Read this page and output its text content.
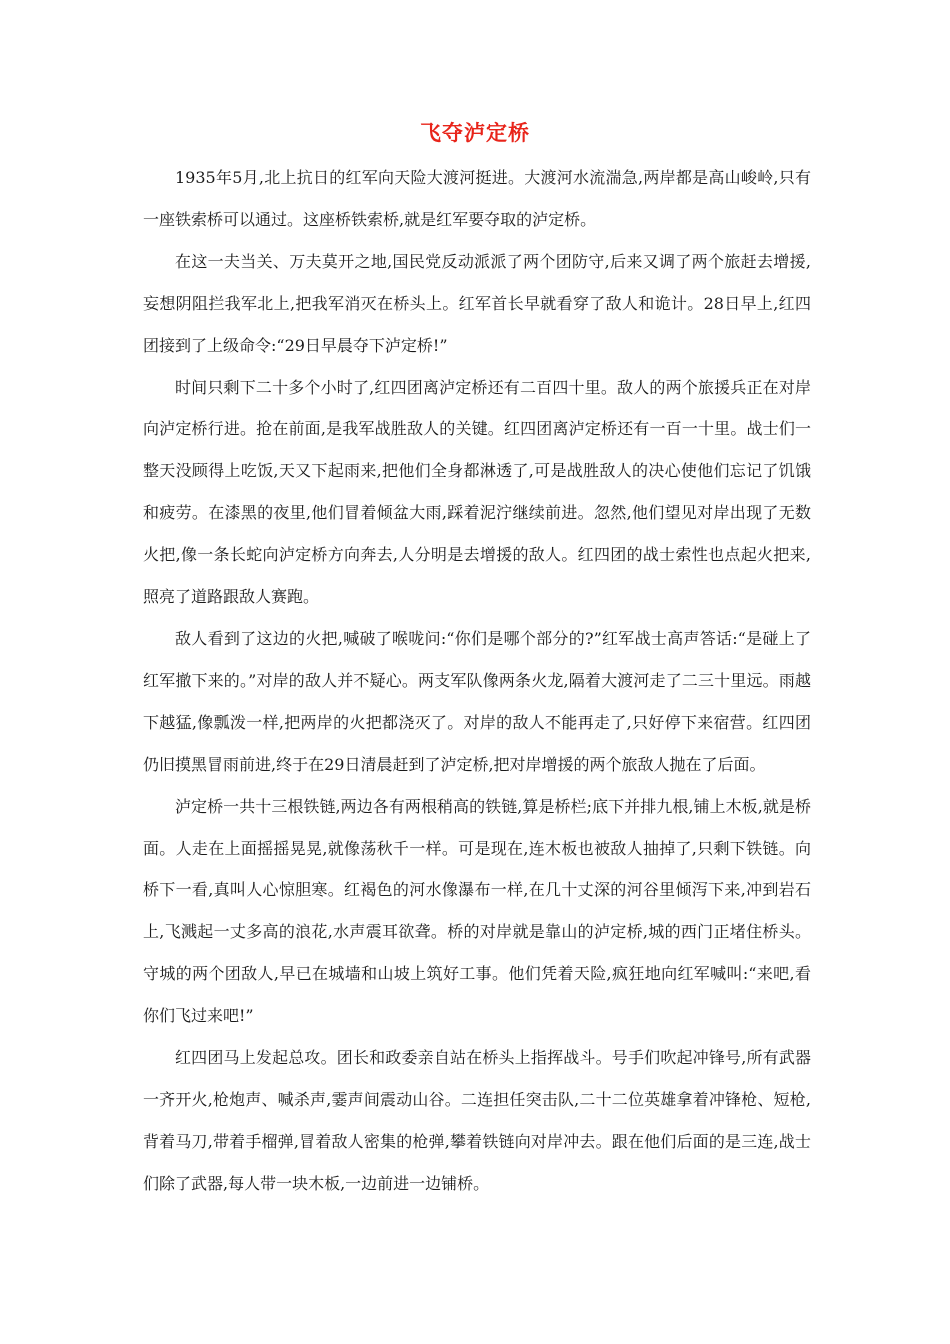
飞夺泸定桥

1935年5月,北上抗日的红军向天险大渡河挺进。大渡河水流湍急,两岸都是高山峻岭,只有一座铁索桥可以通过。这座桥铁索桥,就是红军要夺取的泸定桥。

在这一夫当关、万夫莫开之地,国民党反动派派了两个团防守,后来又调了两个旅赶去增援,妄想阴阻拦我军北上,把我军消灭在桥头上。红军首长早就看穿了敌人和诡计。28日早上,红四团接到了上级命令:“29日早晨夺下泸定桥!”

时间只剩下二十多个小时了,红四团离泸定桥还有二百四十里。敌人的两个旅援兵正在对岸向泸定桥行进。抢在前面,是我军战胜敌人的关键。红四团离泸定桥还有一百一十里。战士们一整天没顾得上吃饭,天又下起雨来,把他们全身都淋透了,可是战胜敌人的决心使他们忘记了饥饿和疲劳。在漆黑的夜里,他们冒着倾盆大雨,踩着泥泞继续前进。忽然,他们望见对岸出现了无数火把,像一条长蛇向泸定桥方向奔去,人分明是去增援的敌人。红四团的战士索性也点起火把来,照亮了道路跟敌人赛跑。

敌人看到了这边的火把,喊破了喉咙问:“你们是哪个部分的?”红军战士高声答话:“是碰上了红军撤下来的。”对岸的敌人并不疑心。两支军队像两条火龙,隔着大渡河走了二三十里远。雨越下越猛,像瓢泼一样,把两岸的火把都浇灭了。对岸的敌人不能再走了,只好停下来宿营。红四团仍旧摸黑冒雨前进,终于在29日清晨赶到了泸定桥,把对岸增援的两个旅敌人抛在了后面。

泸定桥一共十三根铁链,两边各有两根稍高的铁链,算是桥栏;底下并排九根,铺上木板,就是桥面。人走在上面摇摇晃晃,就像荡秋千一样。可是现在,连木板也被敌人抽掉了,只剩下铁链。向桥下一看,真叫人心惊胆寒。红褐色的河水像瀑布一样,在几十丈深的河谷里倾泻下来,冲到岩石上,飞溅起一丈多高的浪花,水声震耳欲聋。桥的对岸就是靠山的泸定桥,城的西门正堵住桥头。守城的两个团敌人,早已在城墙和山坡上筑好工事。他们凭着天险,疯狂地向红军喊叫:“来吧,看你们飞过来吧!”

红四团马上发起总攻。团长和政委亲自站在桥头上指挥战斗。号手们吹起冲锋号,所有武器一齐开火,枪炮声、喊杀声,霎声间震动山谷。二连担任突击队,二十二位英雄拿着冲锋枪、短枪,背着马刀,带着手榴弹,冒着敌人密集的枪弹,攀着铁链向对岸冲去。跟在他们后面的是三连,战士们除了武器,每人带一块木板,一边前进一边铺桥。
